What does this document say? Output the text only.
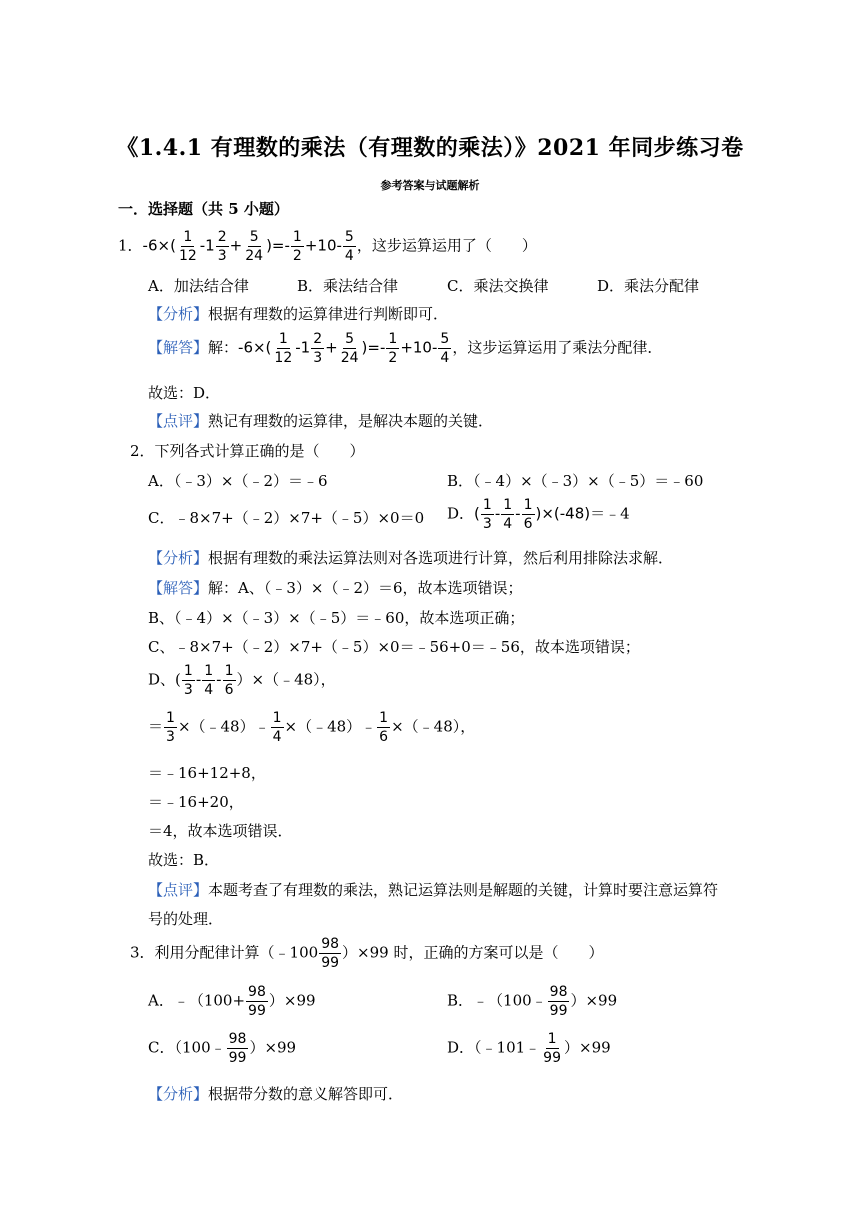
《1.4.1 有理数的乘法（有理数的乘法）》2021 年同步练习卷
参考答案与试题解析
一．选择题（共 5 小题）
1．$-6\times( \frac{1}{12} -1 \frac{2}{3} + \frac{5}{24}$ )=- $\frac{1}{2} +10- \frac{5}{4}$ ，这步运算运用了（　　）
A．加法结合律	B．乘法结合律	C．乘法交换律	D．乘法分配律
【分析】根据有理数的运算律进行判断即可．
【解答】解：$-6\times( \frac{1}{12} -1 \frac{2}{3} + \frac{5}{24}$ )=- $\frac{1}{2} +10- \frac{5}{4}$ ，这步运算运用了乘法分配律．
故选：D．
【点评】熟记有理数的运算律，是解决本题的关键．
2．下列各式计算正确的是（　　）
A．（﹣3）×（﹣2）＝﹣6	B．（﹣4）×（﹣3）×（﹣5）＝﹣60
C．﹣8×7+（﹣2）×7+（﹣5）×0＝0 D．( $\frac{1}{3} - \frac{1}{4} - \frac{1}{6}$ )×(-48)＝﹣4
【分析】根据有理数的乘法运算法则对各选项进行计算，然后利用排除法求解．
【解答】解：A、（﹣3）×（﹣2）＝6，故本选项错误；
B、（﹣4）×（﹣3）×（﹣5）＝﹣60，故本选项正确；
C、﹣8×7+（﹣2）×7+（﹣5）×0＝﹣56+0＝﹣56，故本选项错误；
D、( $\frac{1}{3} - \frac{1}{4} - \frac{1}{6}$ ）×（﹣48），
＝ $\frac{1}{3}$ ×（﹣48）﹣ $\frac{1}{4}$ ×（﹣48）﹣ $\frac{1}{6}$ ×（﹣48），
＝﹣16+12+8，
＝﹣16+20，
＝4，故本选项错误．
故选：B．
【点评】本题考查了有理数的乘法，熟记运算法则是解题的关键，计算时要注意运算符
号的处理．
3．利用分配律计算（﹣100 $\frac{98}{99} )\times 99$ 时，正确的方案可以是（　　）
A．﹣（100+ $\frac{98}{99} )\times 99$	B．﹣（100﹣ $\frac{98}{99} )\times 99$
C．（100﹣ $\frac{98}{99} )\times 99$	D．（﹣101﹣ $\frac{1}{99} )\times 99$
【分析】根据带分数的意义解答即可．
